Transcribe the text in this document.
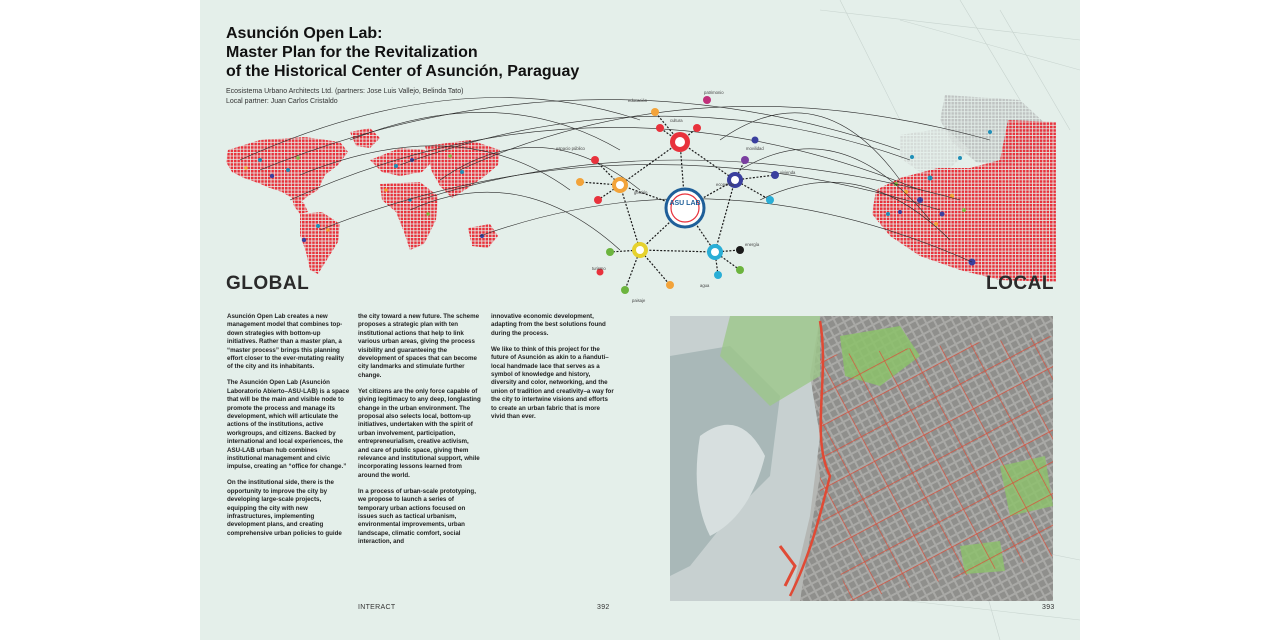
ASU LAB
educación
patrimonio
cultura
espacio público	movilidad
gestión
vivienda
economía
turismo
agua
energía
paisaje
Asunción Open Lab:
Master Plan for the Revitalization
of the Historical Center of Asunción, Paraguay
Ecosistema Urbano Architects Ltd. (partners: Jose Luis Vallejo, Belinda Tato)
Local partner: Juan Carlos Cristaldo
GLOBAL	LOCAL

Asunción Open Lab creates a new management model that combines top-down strategies with bottom-up initiatives. Rather than a master plan, a “master process” brings this planning effort closer to the ever-mutating reality of the city and its inhabitants.

The Asunción Open Lab (Asunción Laboratorio Abierto–ASU-LAB) is a space that will be the main and visible node to promote the process and manage its development, which will articulate the actions of the institutions, active workgroups, and citizens. Backed by international and local experiences, the ASU-LAB urban hub combines institutional management and civic impulse, creating an “office for change.”

On the institutional side, there is the opportunity to improve the city by developing large-scale projects, equipping the city with new infrastructures, implementing development plans, and creating comprehensive urban policies to guide

the city toward a new future. The scheme proposes a strategic plan with ten institutional actions that help to link various urban areas, giving the process visibility and guaranteeing the development of spaces that can become city landmarks and stimulate further change.

Yet citizens are the only force capable of giving legitimacy to any deep, longlasting change in the urban environment. The proposal also selects local, bottom-up initiatives, undertaken with the spirit of urban involvement, participation, entrepreneurialism, creative activism, and care of public space, giving them relevance and institutional support, while incorporating lessons learned from around the world.

In a process of urban-scale prototyping, we propose to launch a series of temporary urban actions focused on issues such as tactical urbanism, environmental improvements, urban landscape, climatic comfort, social interaction, and

innovative economic development, adapting from the best solutions found during the process.

We like to think of this project for the future of Asunción as akin to a ñandutí–local handmade lace that serves as a symbol of knowledge and history, diversity and color, networking, and the union of tradition and creativity–a way for the city to intertwine visions and efforts to create an urban fabric that is more vivid than ever.

INTERACT	392	393
